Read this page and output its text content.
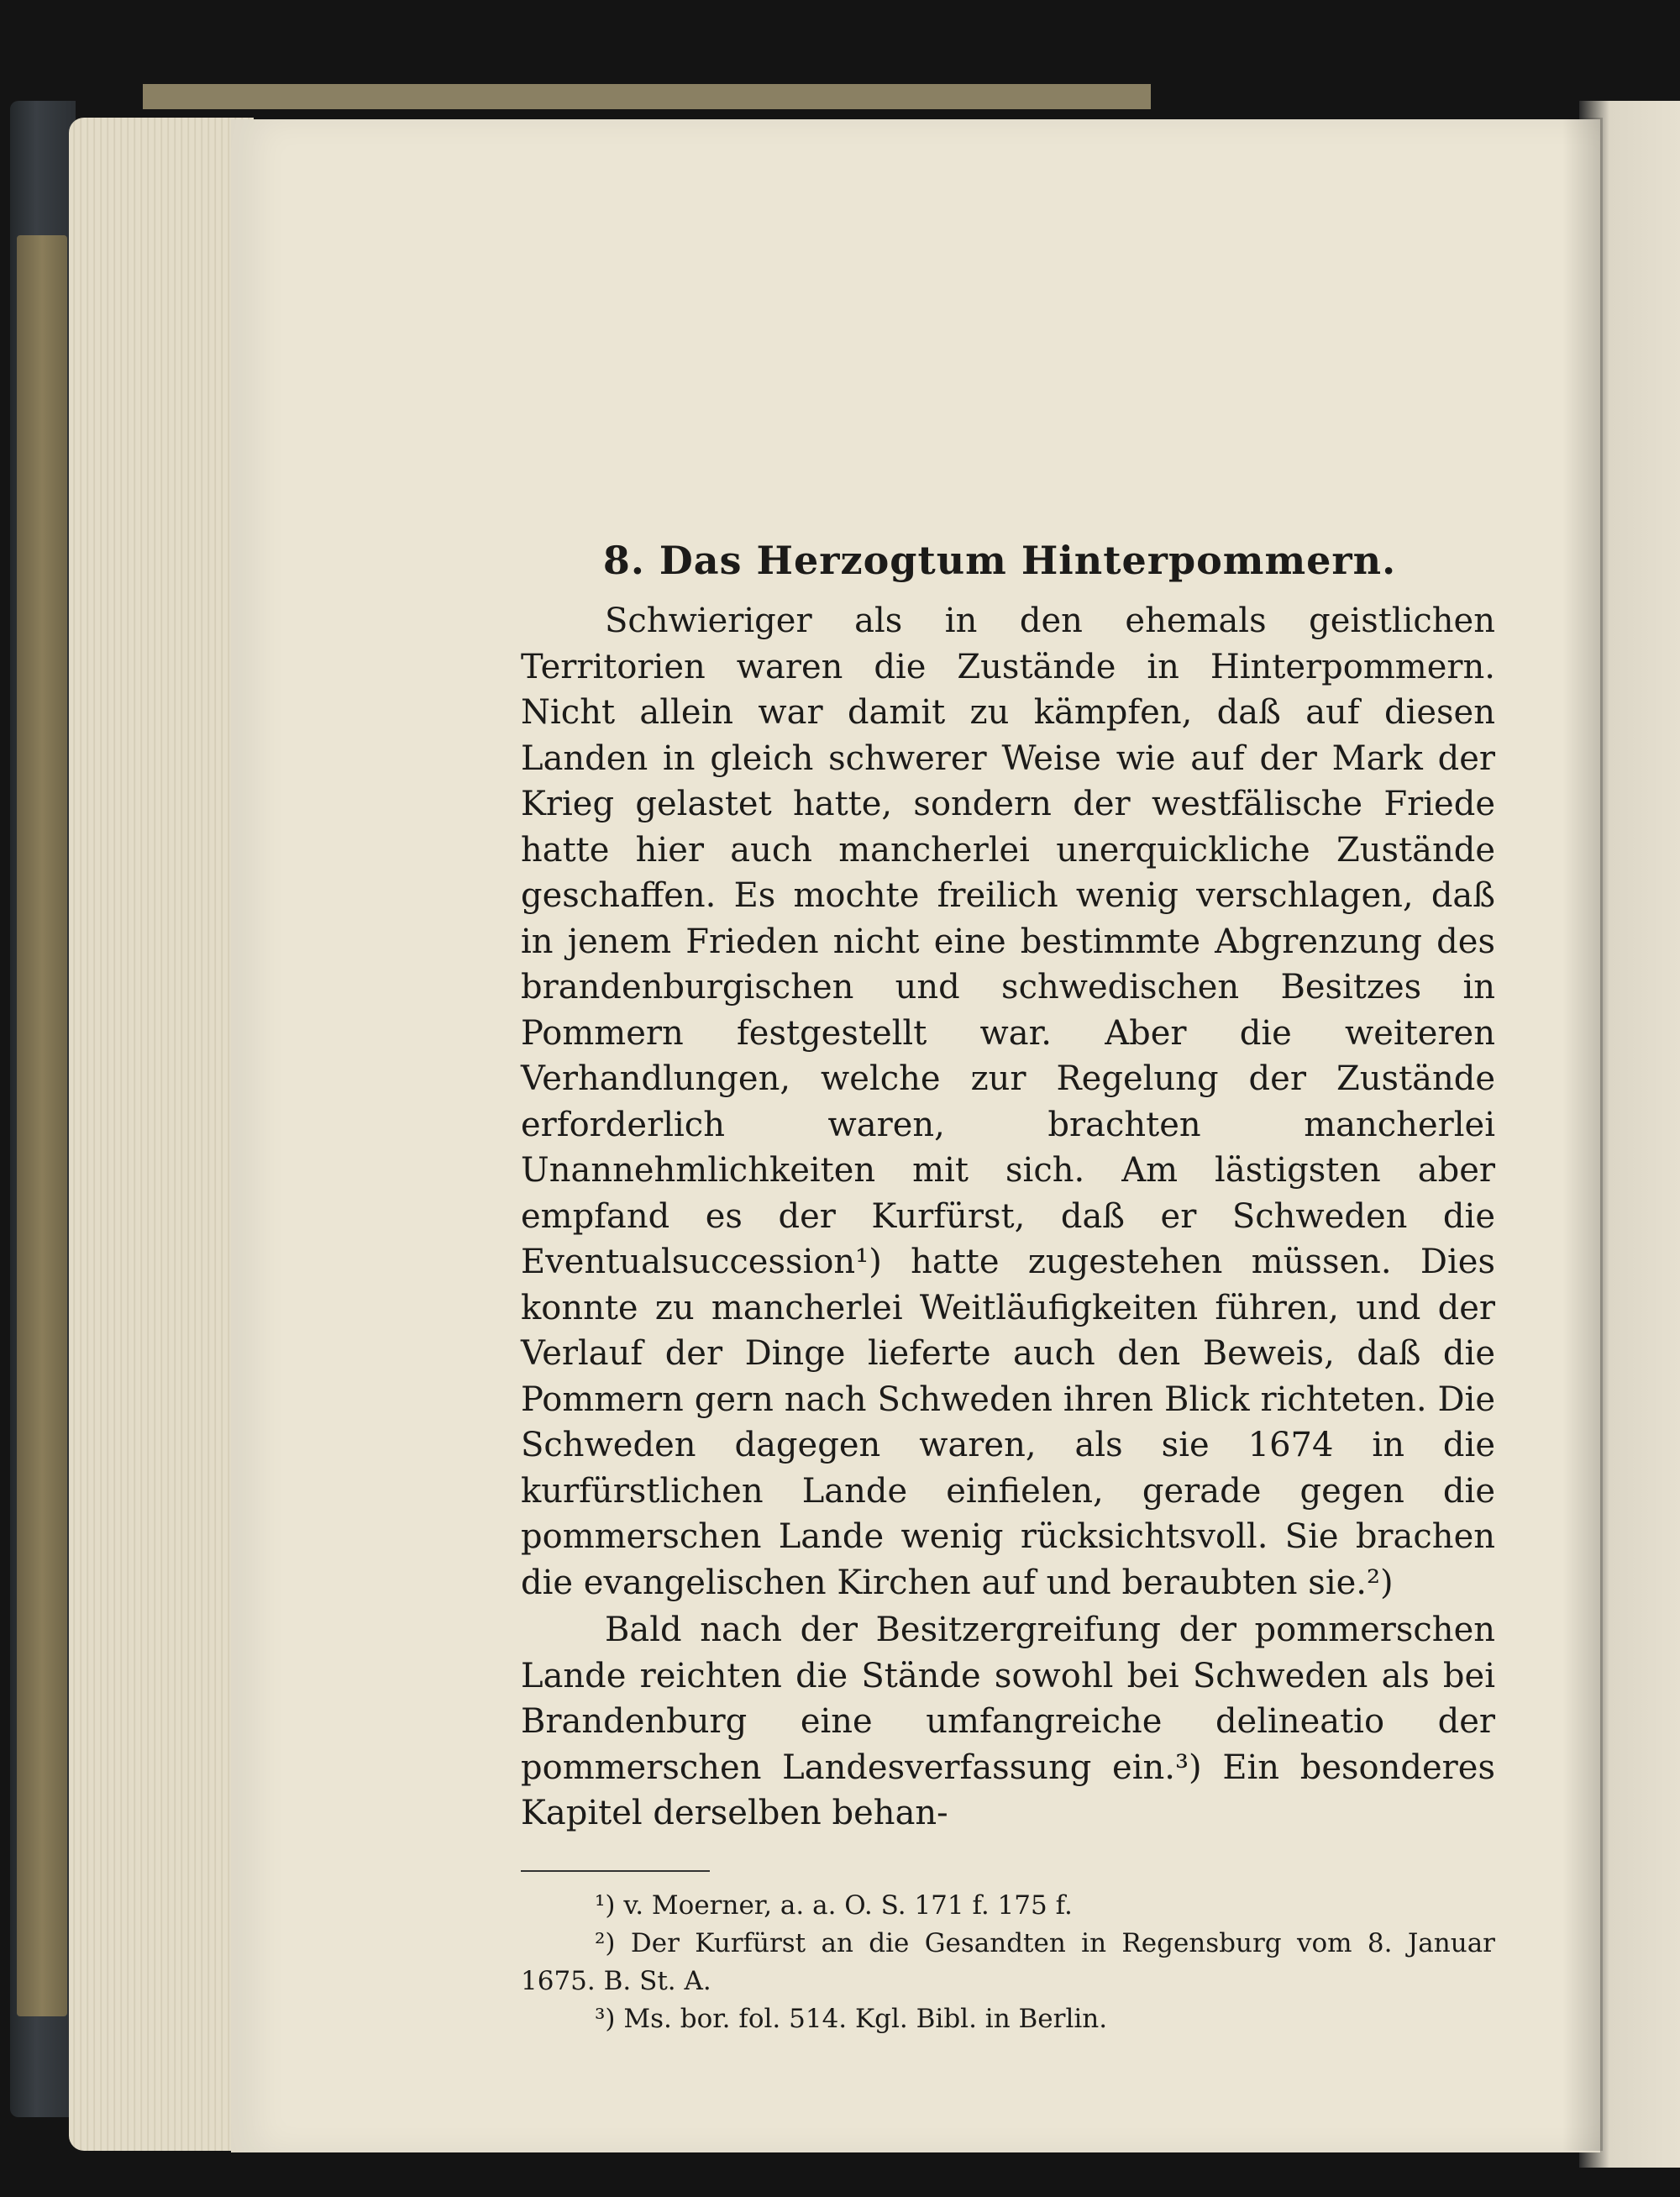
8. Das Herzogtum Hinterpommern.

Schwieriger als in den ehemals geistlichen Territorien waren die Zustände in Hinterpommern. Nicht allein war damit zu kämpfen, daß auf diesen Landen in gleich schwerer Weise wie auf der Mark der Krieg gelastet hatte, sondern der westfälische Friede hatte hier auch mancherlei unerquickliche Zustände geschaffen. Es mochte freilich wenig verschlagen, daß in jenem Frieden nicht eine bestimmte Abgrenzung des brandenburgischen und schwedischen Besitzes in Pommern festgestellt war. Aber die weiteren Verhandlungen, welche zur Regelung der Zustände erforderlich waren, brachten mancherlei Unannehmlichkeiten mit sich. Am lästigsten aber empfand es der Kurfürst, daß er Schweden die Eventualsuccession¹) hatte zugestehen müssen. Dies konnte zu mancherlei Weitläufigkeiten führen, und der Verlauf der Dinge lieferte auch den Beweis, daß die Pommern gern nach Schweden ihren Blick richteten. Die Schweden dagegen waren, als sie 1674 in die kurfürstlichen Lande einfielen, gerade gegen die pommerschen Lande wenig rücksichtsvoll. Sie brachen die evangelischen Kirchen auf und beraubten sie.²)

Bald nach der Besitzergreifung der pommerschen Lande reichten die Stände sowohl bei Schweden als bei Brandenburg eine umfangreiche delineatio der pommerschen Landesverfassung ein.³) Ein besonderes Kapitel derselben behan-

¹) v. Moerner, a. a. O. S. 171 f. 175 f.

²) Der Kurfürst an die Gesandten in Regensburg vom 8. Januar 1675. B. St. A.

³) Ms. bor. fol. 514. Kgl. Bibl. in Berlin.
